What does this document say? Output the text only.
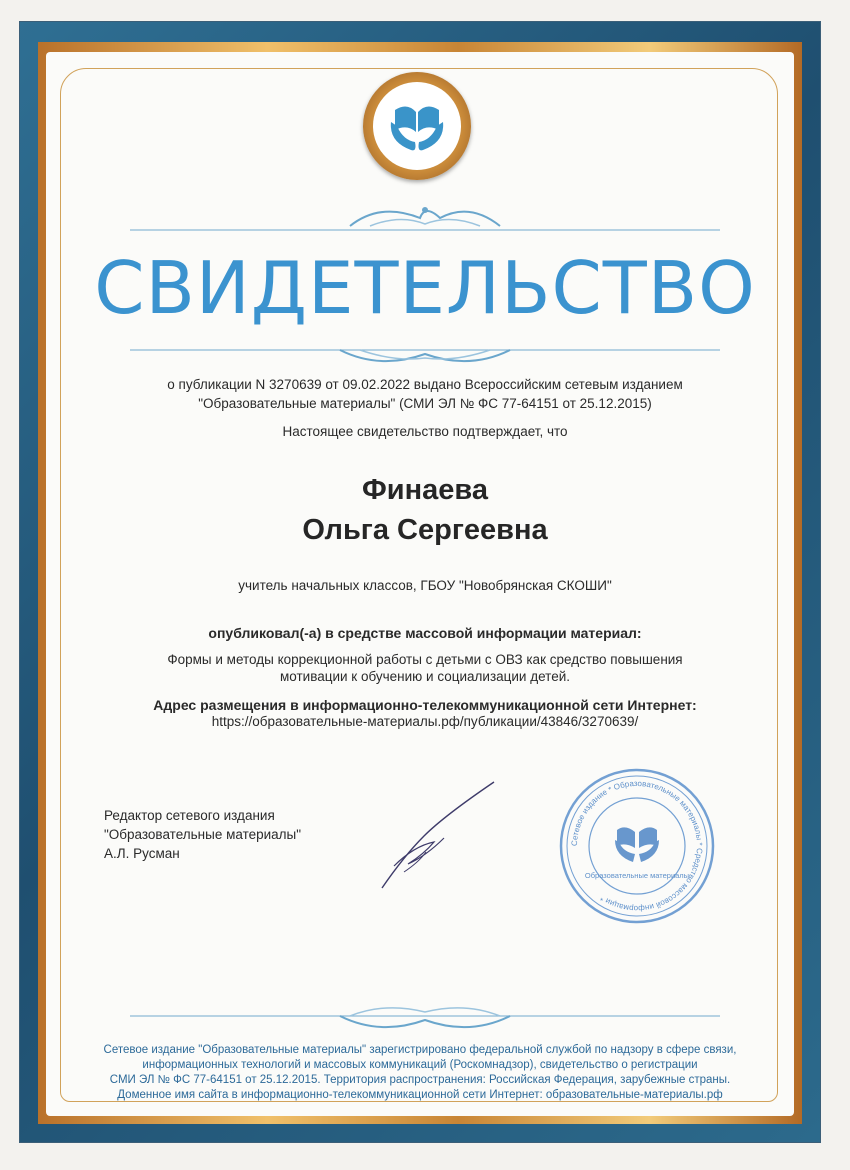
СВИДЕТЕЛЬСТВО
о публикации N 3270639 от 09.02.2022 выдано Всероссийским сетевым изданием
"Образовательные материалы" (СМИ ЭЛ № ФС 77-64151 от 25.12.2015)
Настоящее свидетельство подтверждает, что
Финаева
Ольга Сергеевна
учитель начальных классов, ГБОУ "Новобрянская СКОШИ"
опубликовал(-а) в средстве массовой информации материал:
Формы и методы коррекционной работы с детьми с ОВЗ как средство повышения
мотивации к обучению и социализации детей.
Адрес размещения в информационно-телекоммуникационной сети Интернет:
https://образовательные-материалы.рф/публикации/43846/3270639/
Редактор сетевого издания
"Образовательные материалы"
А.Л. Русман
Сетевое издание * Образовательные материалы * Средство массовой информации *
Образовательные материалы
Сетевое издание "Образовательные материалы" зарегистрировано федеральной службой по надзору в сфере связи,
информационных технологий и массовых коммуникаций (Роскомнадзор), свидетельство о регистрации
СМИ ЭЛ № ФС 77-64151 от 25.12.2015. Территория распространения: Российская Федерация, зарубежные страны.
Доменное имя сайта в информационно-телекоммуникационной сети Интернет: образовательные-материалы.рф
